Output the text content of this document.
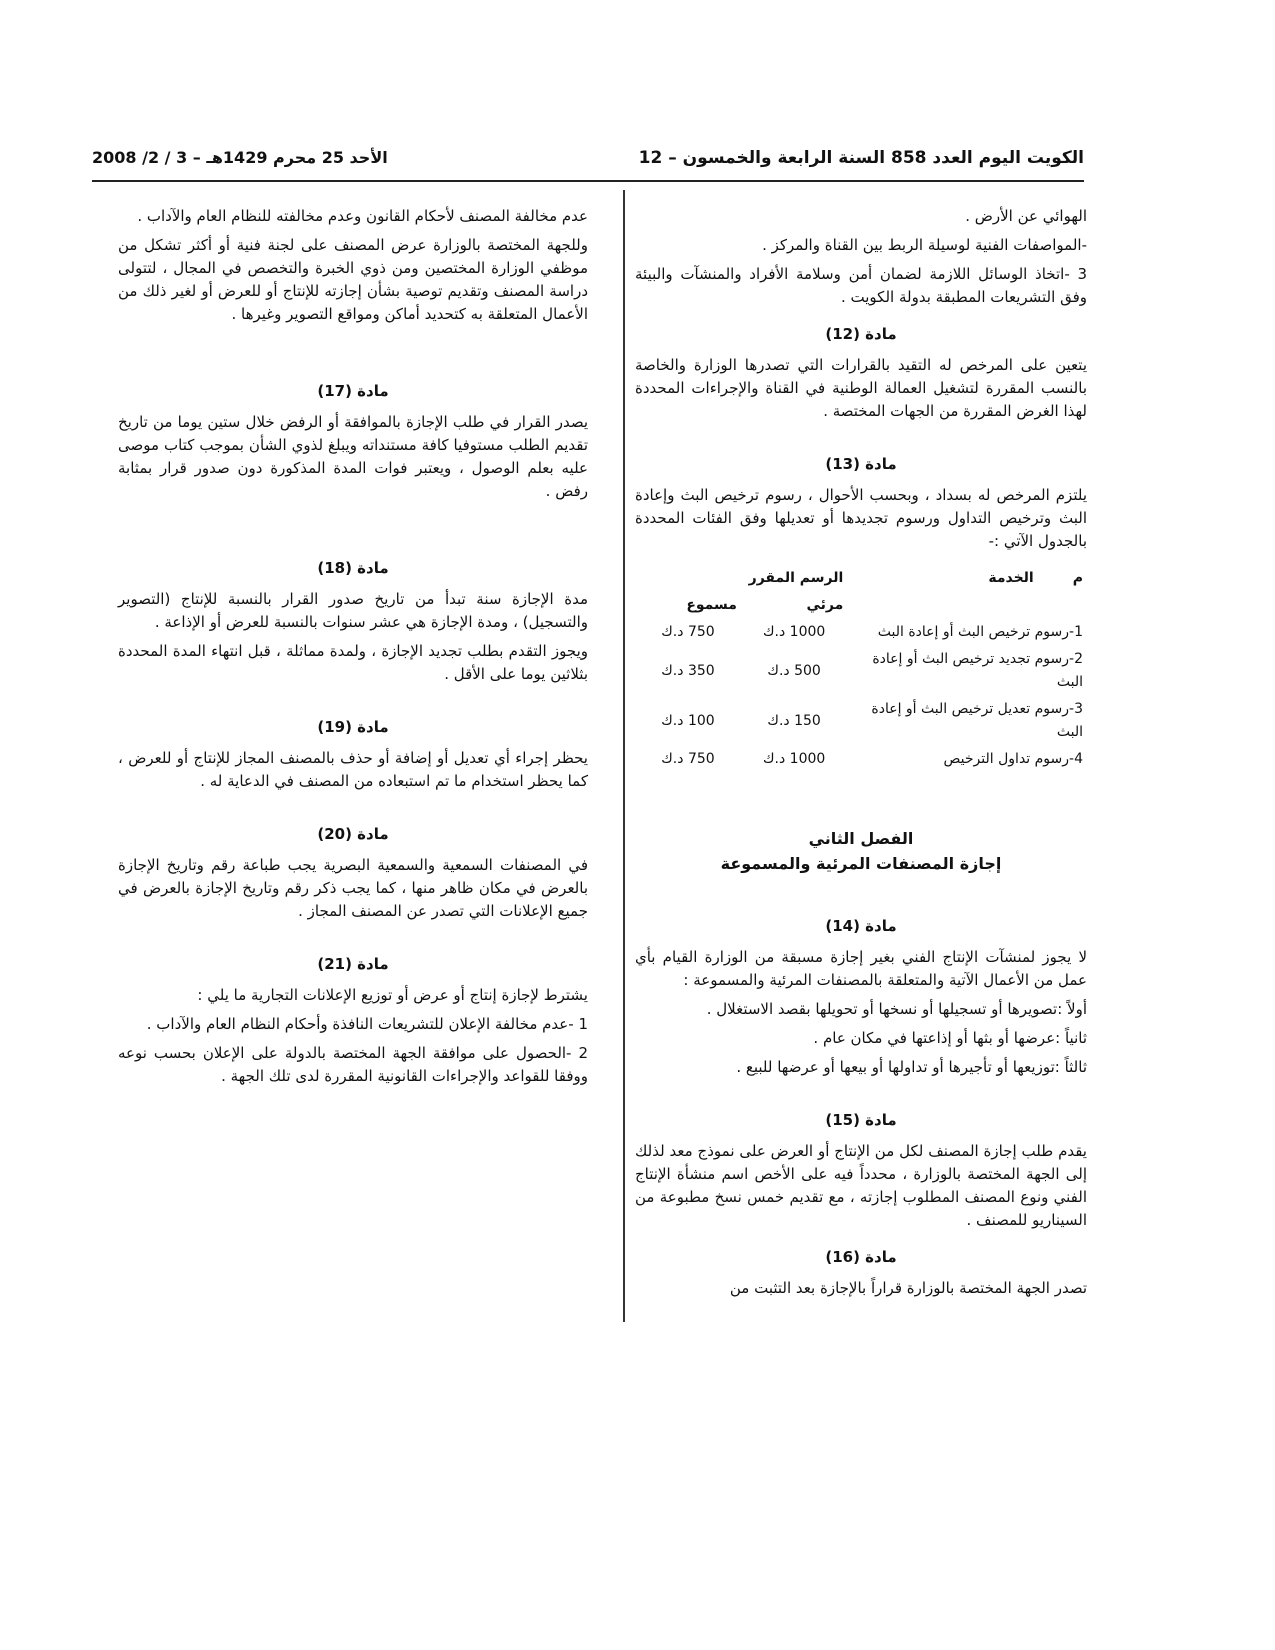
الكويت اليوم العدد 858 السنة الرابعة والخمسون – 12
الأحد 25 محرم 1429هـ – 3 / 2/ 2008

الهوائي عن الأرض .

-المواصفات الفنية لوسيلة الربط بين القناة والمركز .

3 -اتخاذ الوسائل اللازمة لضمان أمن وسلامة الأفراد والمنشآت والبيئة وفق التشريعات المطبقة بدولة الكويت .

مادة (12)

يتعين على المرخص له التقيد بالقرارات التي تصدرها الوزارة والخاصة بالنسب المقررة لتشغيل العمالة الوطنية في القناة والإجراءات المحددة لهذا الغرض المقررة من الجهات المختصة .

مادة (13)

يلتزم المرخص له بسداد ، وبحسب الأحوال ، رسوم ترخيص البث وإعادة البث وترخيص التداول ورسوم تجديدها أو تعديلها وفق الفئات المحددة بالجدول الآتي :-

م        الخدمة	الرسم المقرر	
	مرئي	مسموع
1-رسوم ترخيص البث أو إعادة البث	1000 د.ك	750 د.ك
2-رسوم تجديد ترخيص البث أو إعادة البث	500 د.ك	350 د.ك
3-رسوم تعديل ترخيص البث أو إعادة البث	150 د.ك	100 د.ك
4-رسوم تداول الترخيص	1000 د.ك	750 د.ك
الفصل الثاني
إجازة المصنفات المرئية والمسموعة
مادة (14)

لا يجوز لمنشآت الإنتاج الفني بغير إجازة مسبقة من الوزارة القيام بأي عمل من الأعمال الآتية والمتعلقة بالمصنفات المرئية والمسموعة :

أولاً :تصويرها أو تسجيلها أو نسخها أو تحويلها بقصد الاستغلال .

ثانياً :عرضها أو بثها أو إذاعتها في مكان عام .

ثالثاً :توزيعها أو تأجيرها أو تداولها أو بيعها أو عرضها للبيع .

مادة (15)

يقدم طلب إجازة المصنف لكل من الإنتاج أو العرض على نموذج معد لذلك إلى الجهة المختصة بالوزارة ، محدداً فيه على الأخص اسم منشأة الإنتاج الفني ونوع المصنف المطلوب إجازته ، مع تقديم خمس نسخ مطبوعة من السيناريو للمصنف .

مادة (16)

تصدر الجهة المختصة بالوزارة قراراً بالإجازة بعد التثبت من

عدم مخالفة المصنف لأحكام القانون وعدم مخالفته للنظام العام والآداب .

وللجهة المختصة بالوزارة عرض المصنف على لجنة فنية أو أكثر تشكل من موظفي الوزارة المختصين ومن ذوي الخبرة والتخصص في المجال ، لتتولى دراسة المصنف وتقديم توصية بشأن إجازته للإنتاج أو للعرض أو لغير ذلك من الأعمال المتعلقة به كتحديد أماكن ومواقع التصوير وغيرها .

مادة (17)

يصدر القرار في طلب الإجازة بالموافقة أو الرفض خلال ستين يوما من تاريخ تقديم الطلب مستوفيا كافة مستنداته ويبلغ لذوي الشأن بموجب كتاب موصى عليه بعلم الوصول ، ويعتبر فوات المدة المذكورة دون صدور قرار بمثابة رفض .

مادة (18)

مدة الإجازة سنة تبدأ من تاريخ صدور القرار بالنسبة للإنتاج (التصوير والتسجيل) ، ومدة الإجازة هي عشر سنوات بالنسبة للعرض أو الإذاعة .

ويجوز التقدم بطلب تجديد الإجازة ، ولمدة مماثلة ، قبل انتهاء المدة المحددة بثلاثين يوما على الأقل .

مادة (19)

يحظر إجراء أي تعديل أو إضافة أو حذف بالمصنف المجاز للإنتاج أو للعرض ، كما يحظر استخدام ما تم استبعاده من المصنف في الدعاية له .

مادة (20)

في المصنفات السمعية والسمعية البصرية يجب طباعة رقم وتاريخ الإجازة بالعرض في مكان ظاهر منها ، كما يجب ذكر رقم وتاريخ الإجازة بالعرض في جميع الإعلانات التي تصدر عن المصنف المجاز .

مادة (21)

يشترط لإجازة إنتاج أو عرض أو توزيع الإعلانات التجارية ما يلي :

1 -عدم مخالفة الإعلان للتشريعات النافذة وأحكام النظام العام والآداب .

2 -الحصول على موافقة الجهة المختصة بالدولة على الإعلان بحسب نوعه ووفقا للقواعد والإجراءات القانونية المقررة لدى تلك الجهة .
